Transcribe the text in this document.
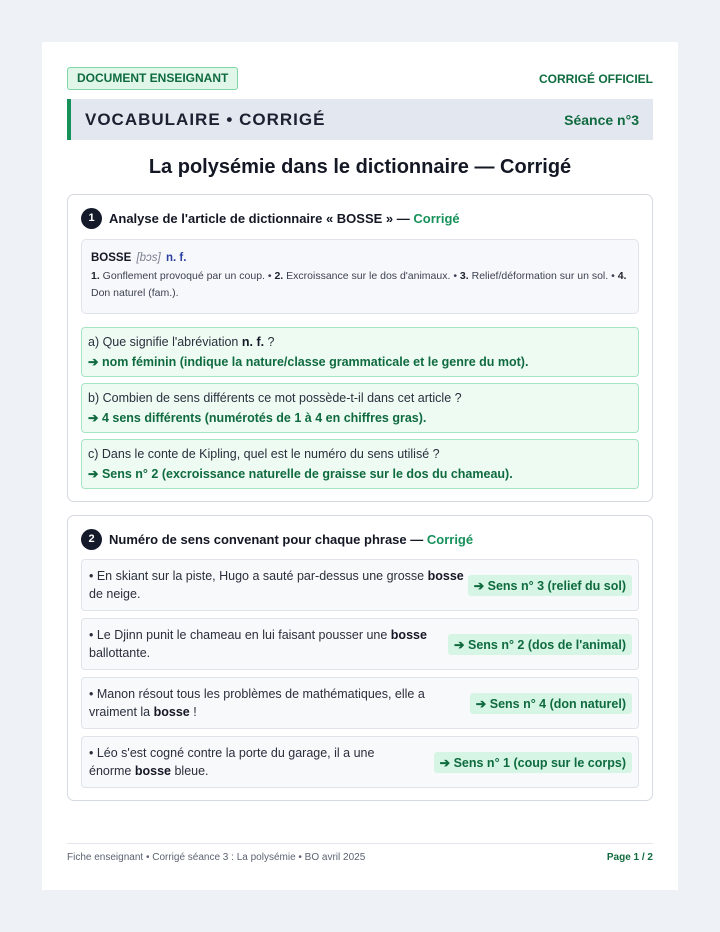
DOCUMENT ENSEIGNANT	CORRIGÉ OFFICIEL
VOCABULAIRE • CORRIGÉ	Séance n°3
La polysémie dans le dictionnaire — Corrigé
1	Analyse de l'article de dictionnaire « BOSSE » — Corrigé
BOSSE [bɔs] n. f.
1. Gonflement provoqué par un coup. • 2. Excroissance sur le dos d'animaux. • 3. Relief/déformation sur un sol. • 4. Don naturel (fam.).
a) Que signifie l'abréviation n. f. ?
➔ nom féminin (indique la nature/classe grammaticale et le genre du mot).
b) Combien de sens différents ce mot possède-t-il dans cet article ?
➔ 4 sens différents (numérotés de 1 à 4 en chiffres gras).
c) Dans le conte de Kipling, quel est le numéro du sens utilisé ?
➔ Sens n° 2 (excroissance naturelle de graisse sur le dos du chameau).
2	Numéro de sens convenant pour chaque phrase — Corrigé
• En skiant sur la piste, Hugo a sauté par-dessus une grosse bosse de neige.
➔ Sens n° 3 (relief du sol)
• Le Djinn punit le chameau en lui faisant pousser une bosse ballottante.
➔ Sens n° 2 (dos de l'animal)
• Manon résout tous les problèmes de mathématiques, elle a vraiment la bosse !
➔ Sens n° 4 (don naturel)
• Léo s'est cogné contre la porte du garage, il a une énorme bosse bleue.
➔ Sens n° 1 (coup sur le corps)
Fiche enseignant • Corrigé séance 3 : La polysémie • BO avril 2025	Page 1 / 2
